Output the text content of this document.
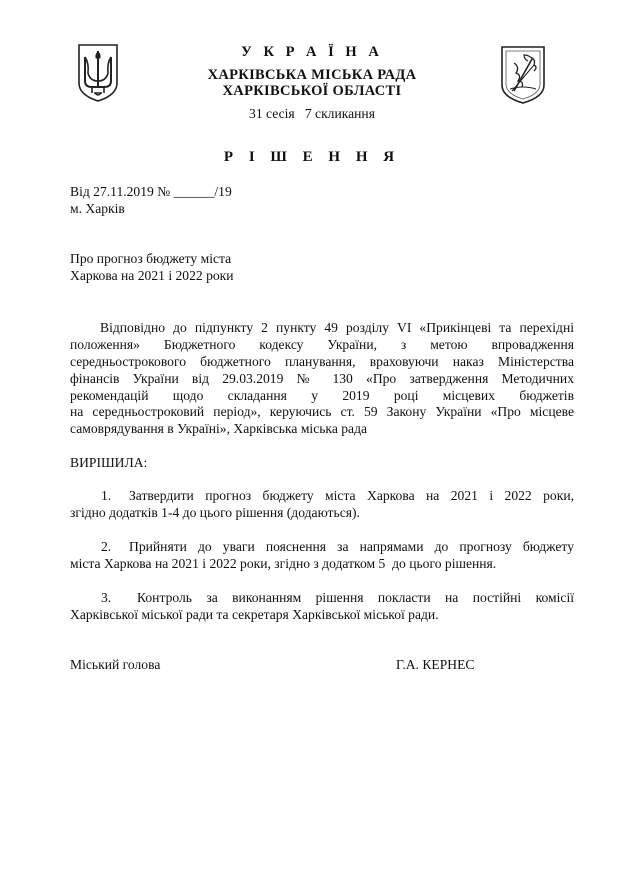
У К Р А Ї Н А
ХАРКІВСЬКА МІСЬКА РАДА
ХАРКІВСЬКОЇ ОБЛАСТІ
31 сесія   7 скликання
Р І Ш Е Н Н Я
Від 27.11.2019 № ______/19
м. Харків
Про прогноз бюджету міста
Харкова на 2021 і 2022 роки
Відповідно до підпункту 2 пункту 49 розділу VI «Прикінцеві та перехідні
положення» Бюджетного кодексу України, з метою впровадження
середньострокового бюджетного планування, враховуючи наказ Міністерства
фінансів України від 29.03.2019 № 130 «Про затвердження Методичних
рекомендацій щодо складання у 2019 році місцевих бюджетів
на середньостроковий період», керуючись ст. 59 Закону України «Про місцеве
самоврядування в Україні», Харківська міська рада
ВИРІШИЛА:
1. Затвердити прогноз бюджету міста Харкова на 2021 і 2022 роки,
згідно додатків 1-4 до цього рішення (додаються).
2. Прийняти до уваги пояснення за напрямами до прогнозу бюджету
міста Харкова на 2021 і 2022 роки, згідно з додатком 5  до цього рішення.
3. Контроль за виконанням рішення покласти на постійні комісії
Харківської міської ради та секретаря Харківської міської ради.
Міський голова	Г.А. КЕРНЕС
